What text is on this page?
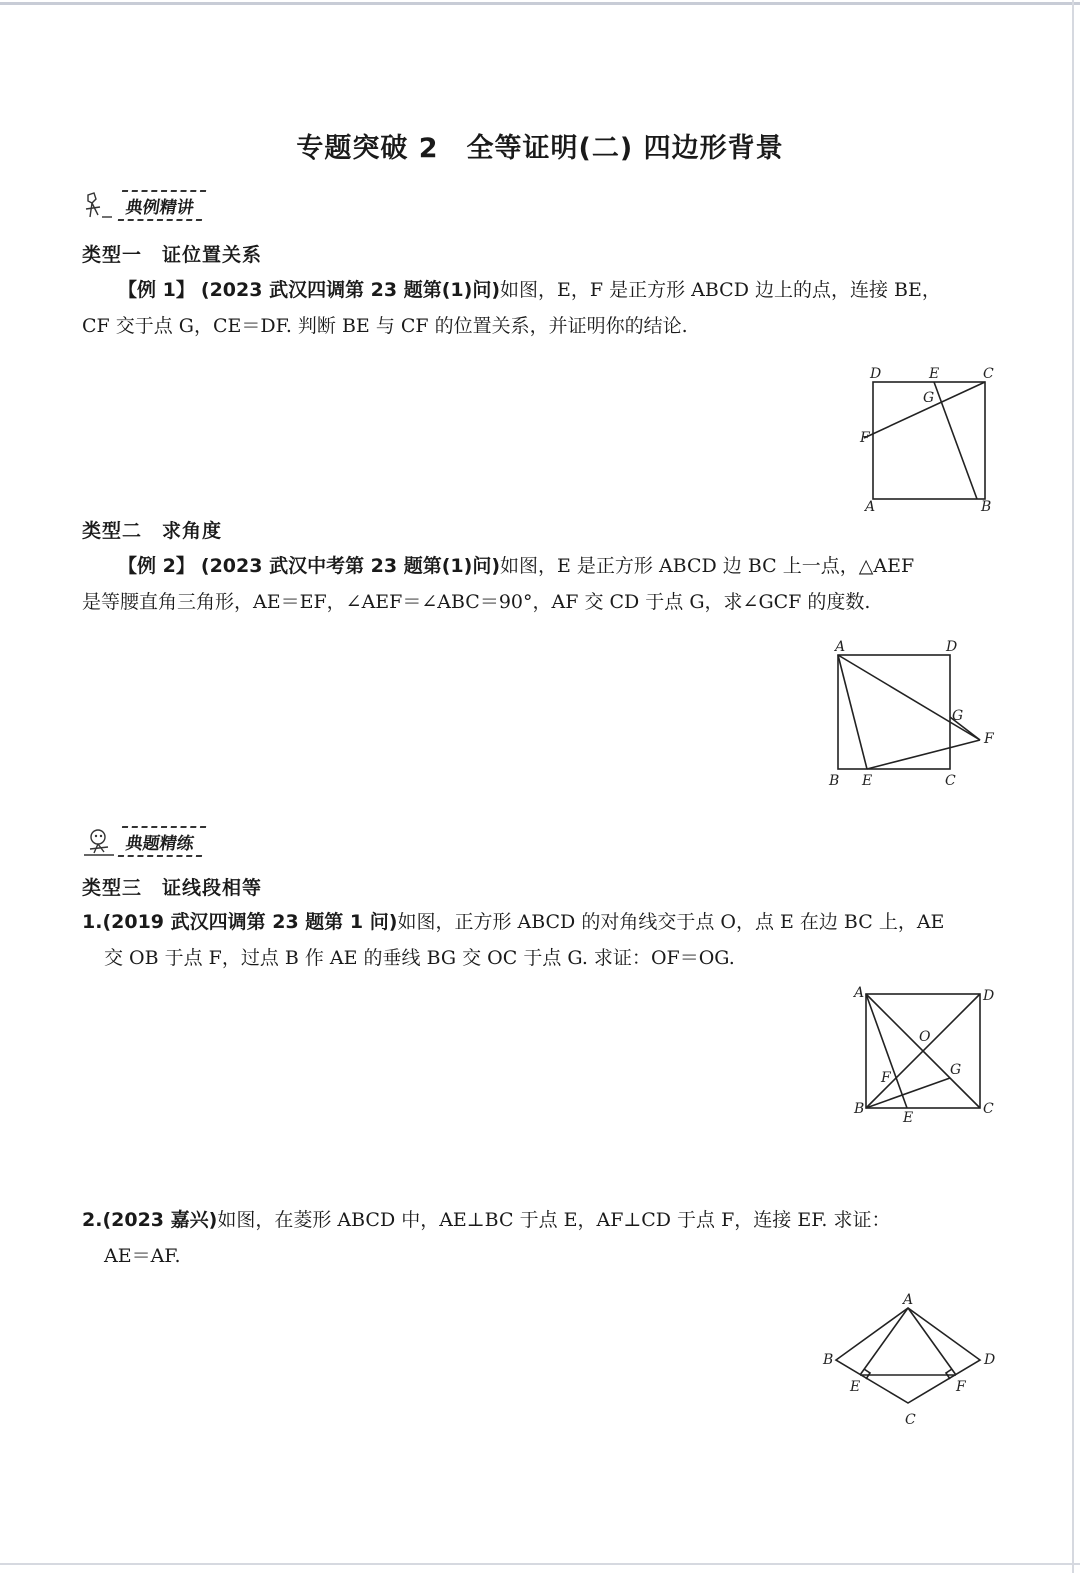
专题突破 2　全等证明(二) 四边形背景
典例精讲
类型一　证位置关系
【例 1】 (2023 武汉四调第 23 题第(1)问)如图，E，F 是正方形 ABCD 边上的点，连接 BE，
CF 交于点 G，CE＝DF. 判断 BE 与 CF 的位置关系，并证明你的结论.
D	E	C
G
F
A	B
类型二　求角度
【例 2】 (2023 武汉中考第 23 题第(1)问)如图，E 是正方形 ABCD 边 BC 上一点，△AEF
是等腰直角三角形，AE＝EF，∠AEF＝∠ABC＝90°，AF 交 CD 于点 G，求∠GCF 的度数.
A	D
G
F
B E	C
典题精练
类型三　证线段相等
1.(2019 武汉四调第 23 题第 1 问)如图，正方形 ABCD 的对角线交于点 O，点 E 在边 BC 上，AE
交 OB 于点 F，过点 B 作 AE 的垂线 BG 交 OC 于点 G. 求证：OF＝OG.
A	D
O
G
F
B
E
C
2.(2023 嘉兴)如图，在菱形 ABCD 中，AE⊥BC 于点 E，AF⊥CD 于点 F，连接 EF. 求证：
AE＝AF.
A
B	D
E	F
C
